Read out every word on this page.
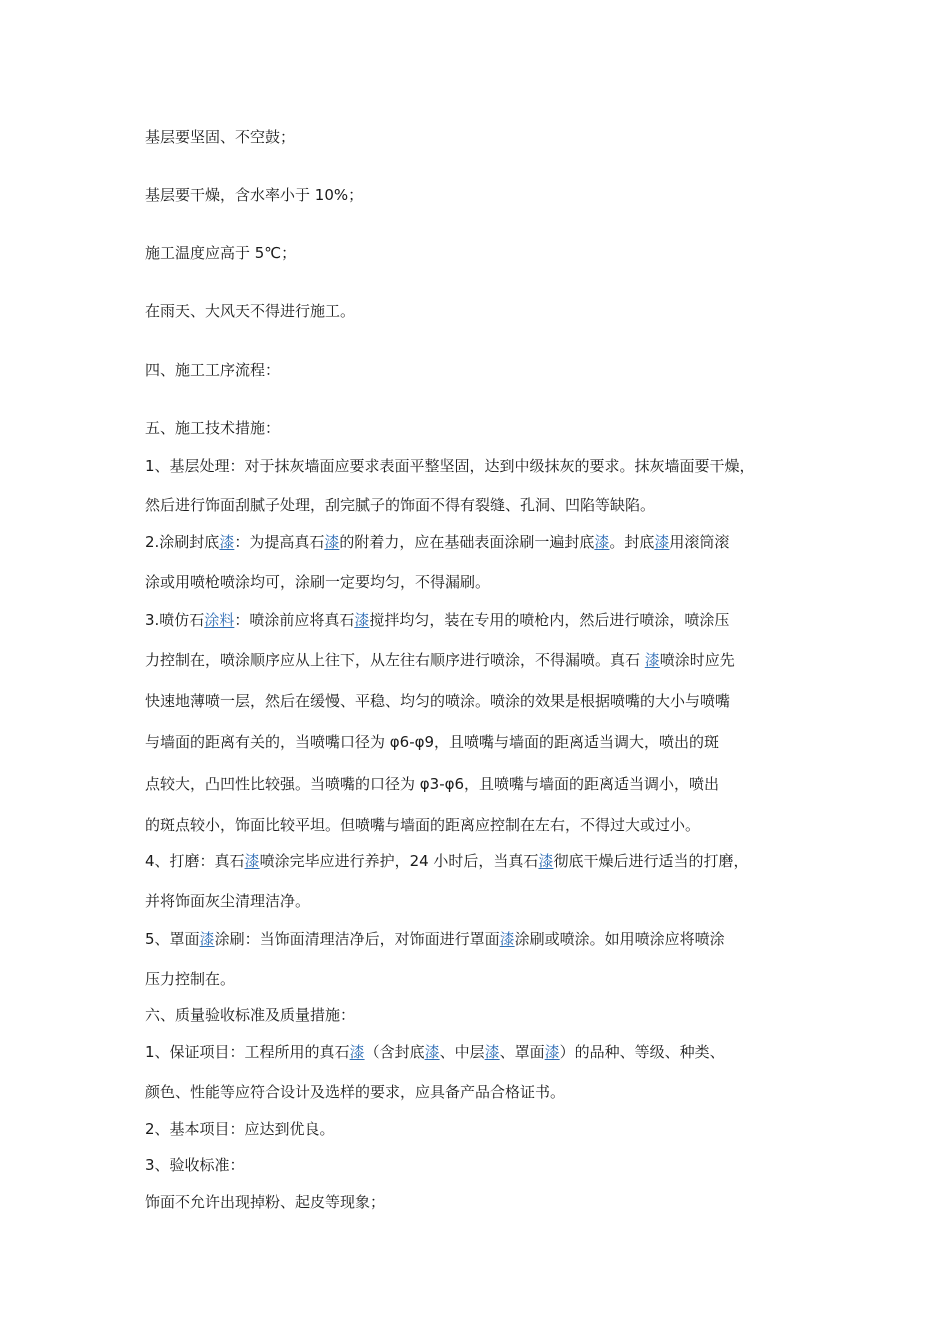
基层要坚固、不空鼓；
基层要干燥，含水率小于 10%；
施工温度应高于 5℃；
在雨天、大风天不得进行施工。
四、施工工序流程：
五、施工技术措施：
1、基层处理：对于抹灰墙面应要求表面平整坚固，达到中级抹灰的要求。抹灰墙面要干燥，
然后进行饰面刮腻子处理，刮完腻子的饰面不得有裂缝、孔洞、凹陷等缺陷。
2.涂刷封底漆：为提高真石漆的附着力，应在基础表面涂刷一遍封底漆。封底漆用滚筒滚
涂或用喷枪喷涂均可，涂刷一定要均匀，不得漏刷。
3.喷仿石涂料：喷涂前应将真石漆搅拌均匀，装在专用的喷枪内，然后进行喷涂，喷涂压
力控制在，喷涂顺序应从上往下，从左往右顺序进行喷涂，不得漏喷。真石 漆喷涂时应先
快速地薄喷一层，然后在缓慢、平稳、均匀的喷涂。喷涂的效果是根据喷嘴的大小与喷嘴
与墙面的距离有关的，当喷嘴口径为 φ6-φ9，且喷嘴与墙面的距离适当调大，喷出的斑
点较大，凸凹性比较强。当喷嘴的口径为 φ3-φ6，且喷嘴与墙面的距离适当调小，喷出
的斑点较小，饰面比较平坦。但喷嘴与墙面的距离应控制在左右，不得过大或过小。
4、打磨：真石漆喷涂完毕应进行养护，24 小时后，当真石漆彻底干燥后进行适当的打磨，
并将饰面灰尘清理洁净。
5、罩面漆涂刷：当饰面清理洁净后，对饰面进行罩面漆涂刷或喷涂。如用喷涂应将喷涂
压力控制在。
六、质量验收标准及质量措施：
1、保证项目：工程所用的真石漆（含封底漆、中层漆、罩面漆）的品种、等级、种类、
颜色、性能等应符合设计及选样的要求，应具备产品合格证书。
2、基本项目：应达到优良。
3、验收标准：
饰面不允许出现掉粉、起皮等现象；
